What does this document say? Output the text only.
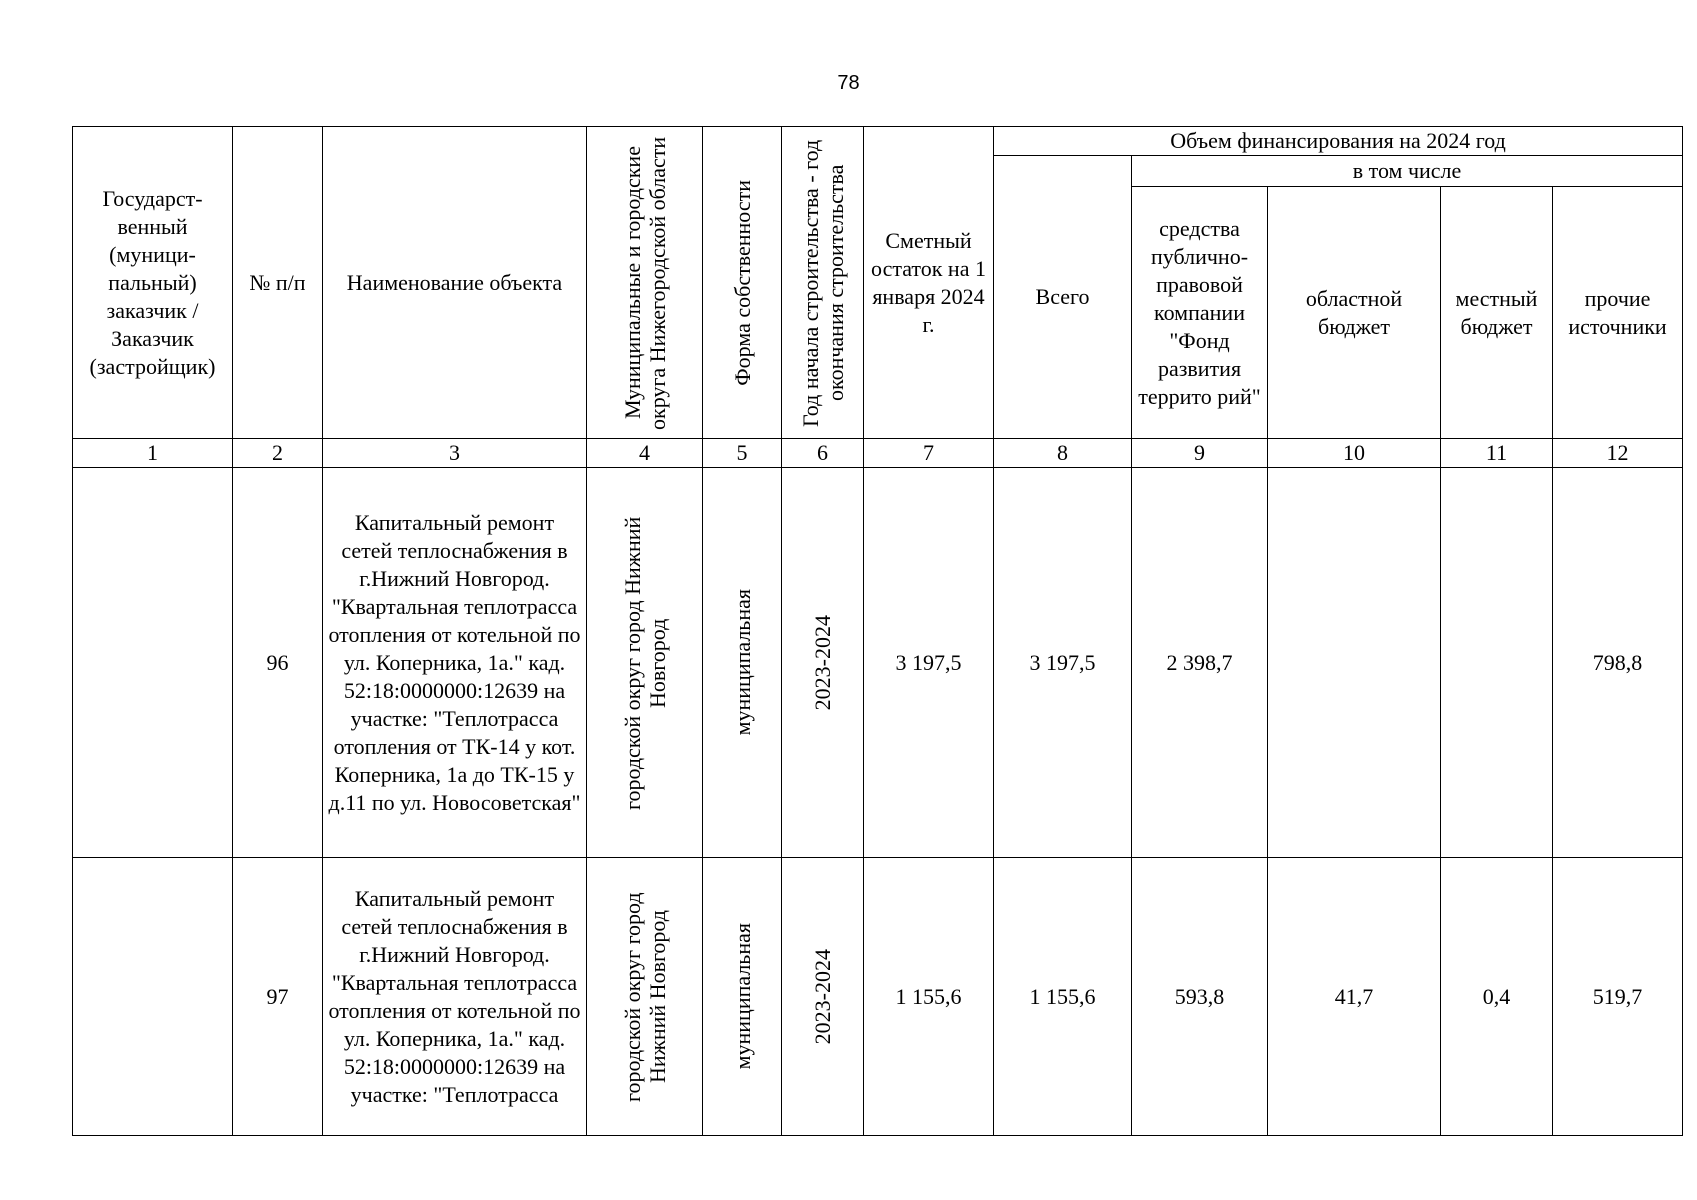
78
Государст-венный (муници-пальный) заказчик / Заказчик (застройщик)	№ п/п	Наименование объекта	Муниципальные и городские округа Нижегородской области	Форма собственности	Год начала строительства - год окончания строительства	Сметный остаток на 1 января 2024 г.	Объем финансирования на 2024 год				
							Всего	в том числе			
								средства публично-правовой компании "Фонд развития террито рий"	областной бюджет	местный бюджет	прочие источники
1	2	3	4	5	6	7	8	9	10	11	12
	96	Капитальный ремонт сетей теплоснабжения в г.Нижний Новгород. "Квартальная теплотрасса отопления от котельной по ул. Коперника, 1а." кад. 52:18:0000000:12639 на участке: "Теплотрасса отопления от ТК-14 у кот. Коперника, 1а до ТК-15 у д.11 по ул. Новосоветская"	городской округ город Нижний Новгород	муниципальная	2023-2024	3 197,5	3 197,5	2 398,7			798,8
	97	Капитальный ремонт сетей теплоснабжения в г.Нижний Новгород. "Квартальная теплотрасса отопления от котельной по ул. Коперника, 1а." кад. 52:18:0000000:12639 на участке: "Теплотрасса	городской округ город Нижний Новгород	муниципальная	2023-2024	1 155,6	1 155,6	593,8	41,7	0,4	519,7
